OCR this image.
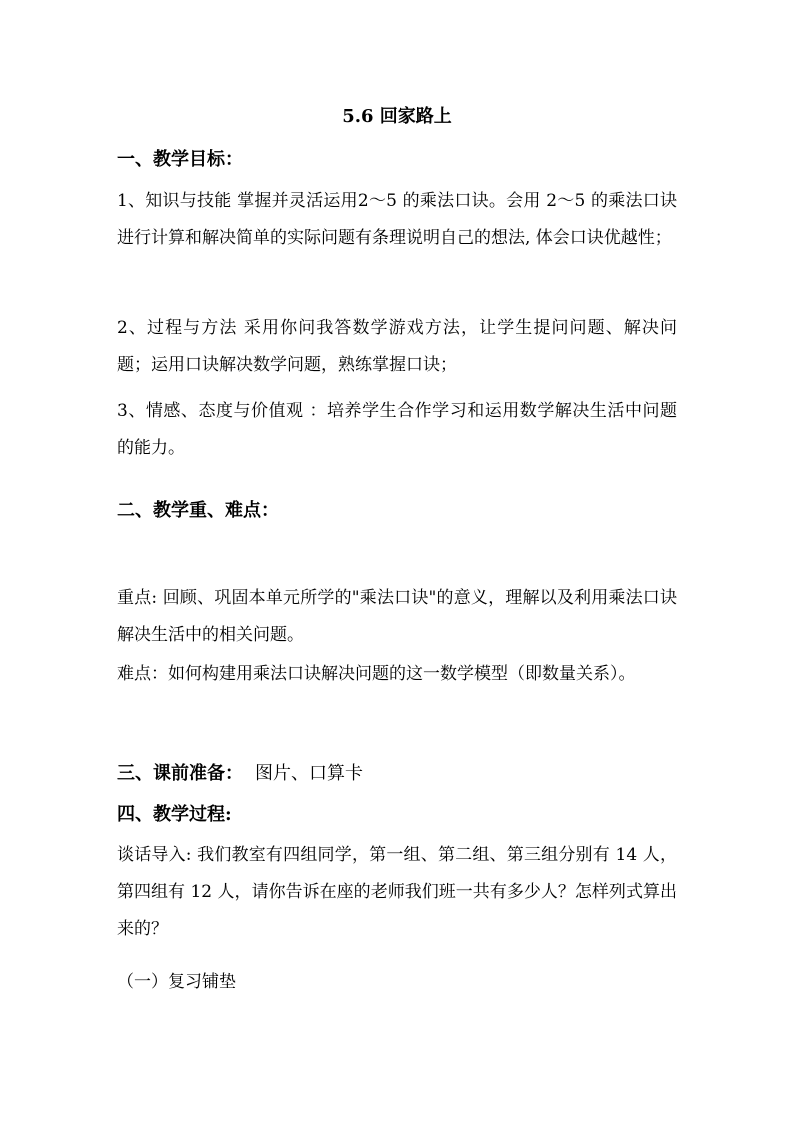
5.6 回家路上
一、教学目标：

1、知识与技能 掌握并灵活运用2～5 的乘法口诀。会用 2～5 的乘法口诀进行计算和解决简单的实际问题有条理说明自己的想法, 体会口诀优越性；

2、过程与方法 采用你问我答数学游戏方法，让学生提问问题、解决问题；运用口诀解决数学问题，熟练掌握口诀；

3、情感、态度与价值观 ：培养学生合作学习和运用数学解决生活中问题的能力。

二、教学重、难点：

重点: 回顾、巩固本单元所学的"乘法口诀"的意义，理解以及利用乘法口诀解决生活中的相关问题。

难点：如何构建用乘法口诀解决问题的这一数学模型（即数量关系）。

三、课前准备： 图片、口算卡
四、教学过程:

谈话导入: 我们教室有四组同学，第一组、第二组、第三组分别有 14 人，第四组有 12 人，请你告诉在座的老师我们班一共有多少人？怎样列式算出来的？

（一）复习铺垫
